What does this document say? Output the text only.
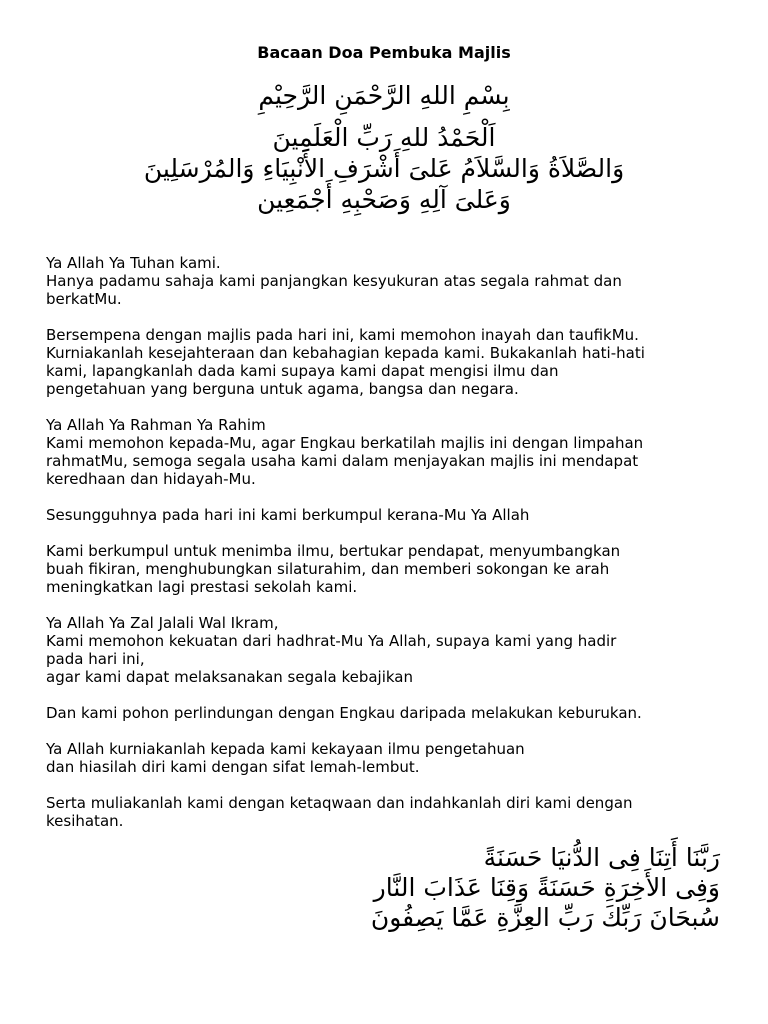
Bacaan Doa Pembuka Majlis
بِسْمِ اللهِ الرَّحْمَنِ الرَّحِيْمِ
اَلْحَمْدُ للهِ رَبِّ الْعَلَمِينَ
وَالصَّلاَةُ وَالسَّلاَمُ عَلىَ أَشْرَفِ الأَنْبِيَاءِ وَالمُرْسَلِينَ
وَعَلىَ آلِهِ وَصَحْبِهِ أَجْمَعِين

Ya Allah Ya Tuhan kami.
Hanya padamu sahaja kami panjangkan kesyukuran atas segala rahmat dan
berkatMu.

Bersempena dengan majlis pada hari ini, kami memohon inayah dan taufikMu.
Kurniakanlah kesejahteraan dan kebahagian kepada kami. Bukakanlah hati-hati
kami, lapangkanlah dada kami supaya kami dapat mengisi ilmu dan
pengetahuan yang berguna untuk agama, bangsa dan negara.

Ya Allah Ya Rahman Ya Rahim
Kami memohon kepada-Mu, agar Engkau berkatilah majlis ini dengan limpahan
rahmatMu, semoga segala usaha kami dalam menjayakan majlis ini mendapat
keredhaan dan hidayah-Mu.

Sesungguhnya pada hari ini kami berkumpul kerana-Mu Ya Allah

Kami berkumpul untuk menimba ilmu, bertukar pendapat, menyumbangkan
buah fikiran, menghubungkan silaturahim, dan memberi sokongan ke arah
meningkatkan lagi prestasi sekolah kami.

Ya Allah Ya Zal Jalali Wal Ikram,
Kami memohon kekuatan dari hadhrat-Mu Ya Allah, supaya kami yang hadir
pada hari ini,
agar kami dapat melaksanakan segala kebajikan

Dan kami pohon perlindungan dengan Engkau daripada melakukan keburukan.

Ya Allah kurniakanlah kepada kami kekayaan ilmu pengetahuan
dan hiasilah diri kami dengan sifat lemah-lembut.

Serta muliakanlah kami dengan ketaqwaan dan indahkanlah diri kami dengan
kesihatan.

رَبَّنَا أَتِنَا فِى الدُّنيَا حَسَنَةً
وَفِى الأَخِرَةِ حَسَنَةً وَقِنَا عَذَابَ النَّار
سُبحَانَ رَبِّكَ رَبِّ العِزَّةِ عَمَّا يَصِفُونَ
